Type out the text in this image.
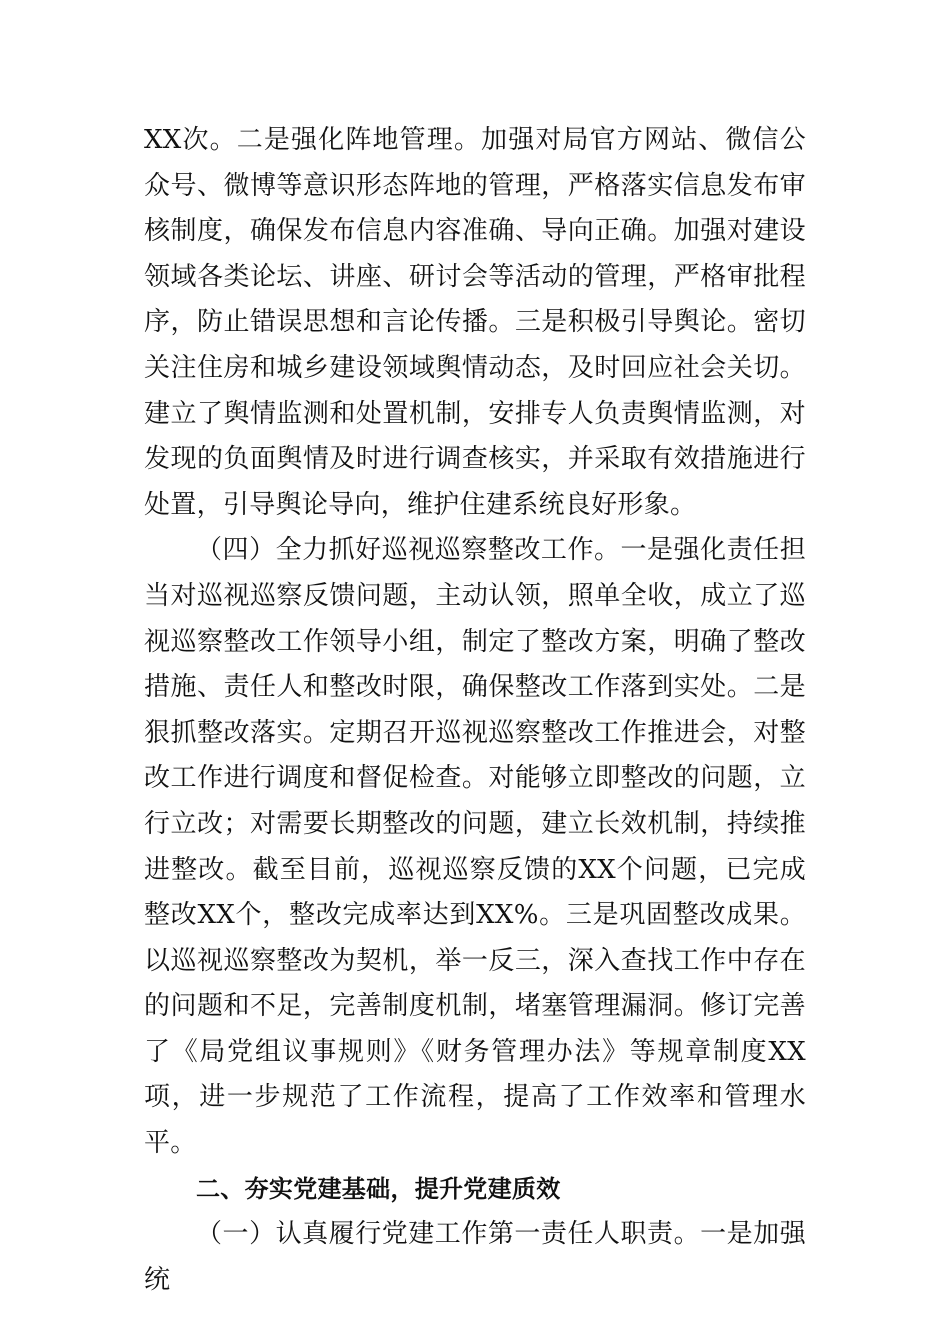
XX次。二是强化阵地管理。加强对局官方网站、微信公众号、微博等意识形态阵地的管理，严格落实信息发布审核制度，确保发布信息内容准确、导向正确。加强对建设领域各类论坛、讲座、研讨会等活动的管理，严格审批程序，防止错误思想和言论传播。三是积极引导舆论。密切关注住房和城乡建设领域舆情动态，及时回应社会关切。建立了舆情监测和处置机制，安排专人负责舆情监测，对发现的负面舆情及时进行调查核实，并采取有效措施进行处置，引导舆论导向，维护住建系统良好形象。

（四）全力抓好巡视巡察整改工作。一是强化责任担当对巡视巡察反馈问题，主动认领，照单全收，成立了巡视巡察整改工作领导小组，制定了整改方案，明确了整改措施、责任人和整改时限，确保整改工作落到实处。二是狠抓整改落实。定期召开巡视巡察整改工作推进会，对整改工作进行调度和督促检查。对能够立即整改的问题，立行立改；对需要长期整改的问题，建立长效机制，持续推进整改。截至目前，巡视巡察反馈的XX个问题，已完成整改XX个，整改完成率达到XX%。三是巩固整改成果。以巡视巡察整改为契机，举一反三，深入查找工作中存在的问题和不足，完善制度机制，堵塞管理漏洞。修订完善了《局党组议事规则》《财务管理办法》等规章制度XX项，进一步规范了工作流程，提高了工作效率和管理水平。

二、夯实党建基础，提升党建质效

（一）认真履行党建工作第一责任人职责。一是加强统
